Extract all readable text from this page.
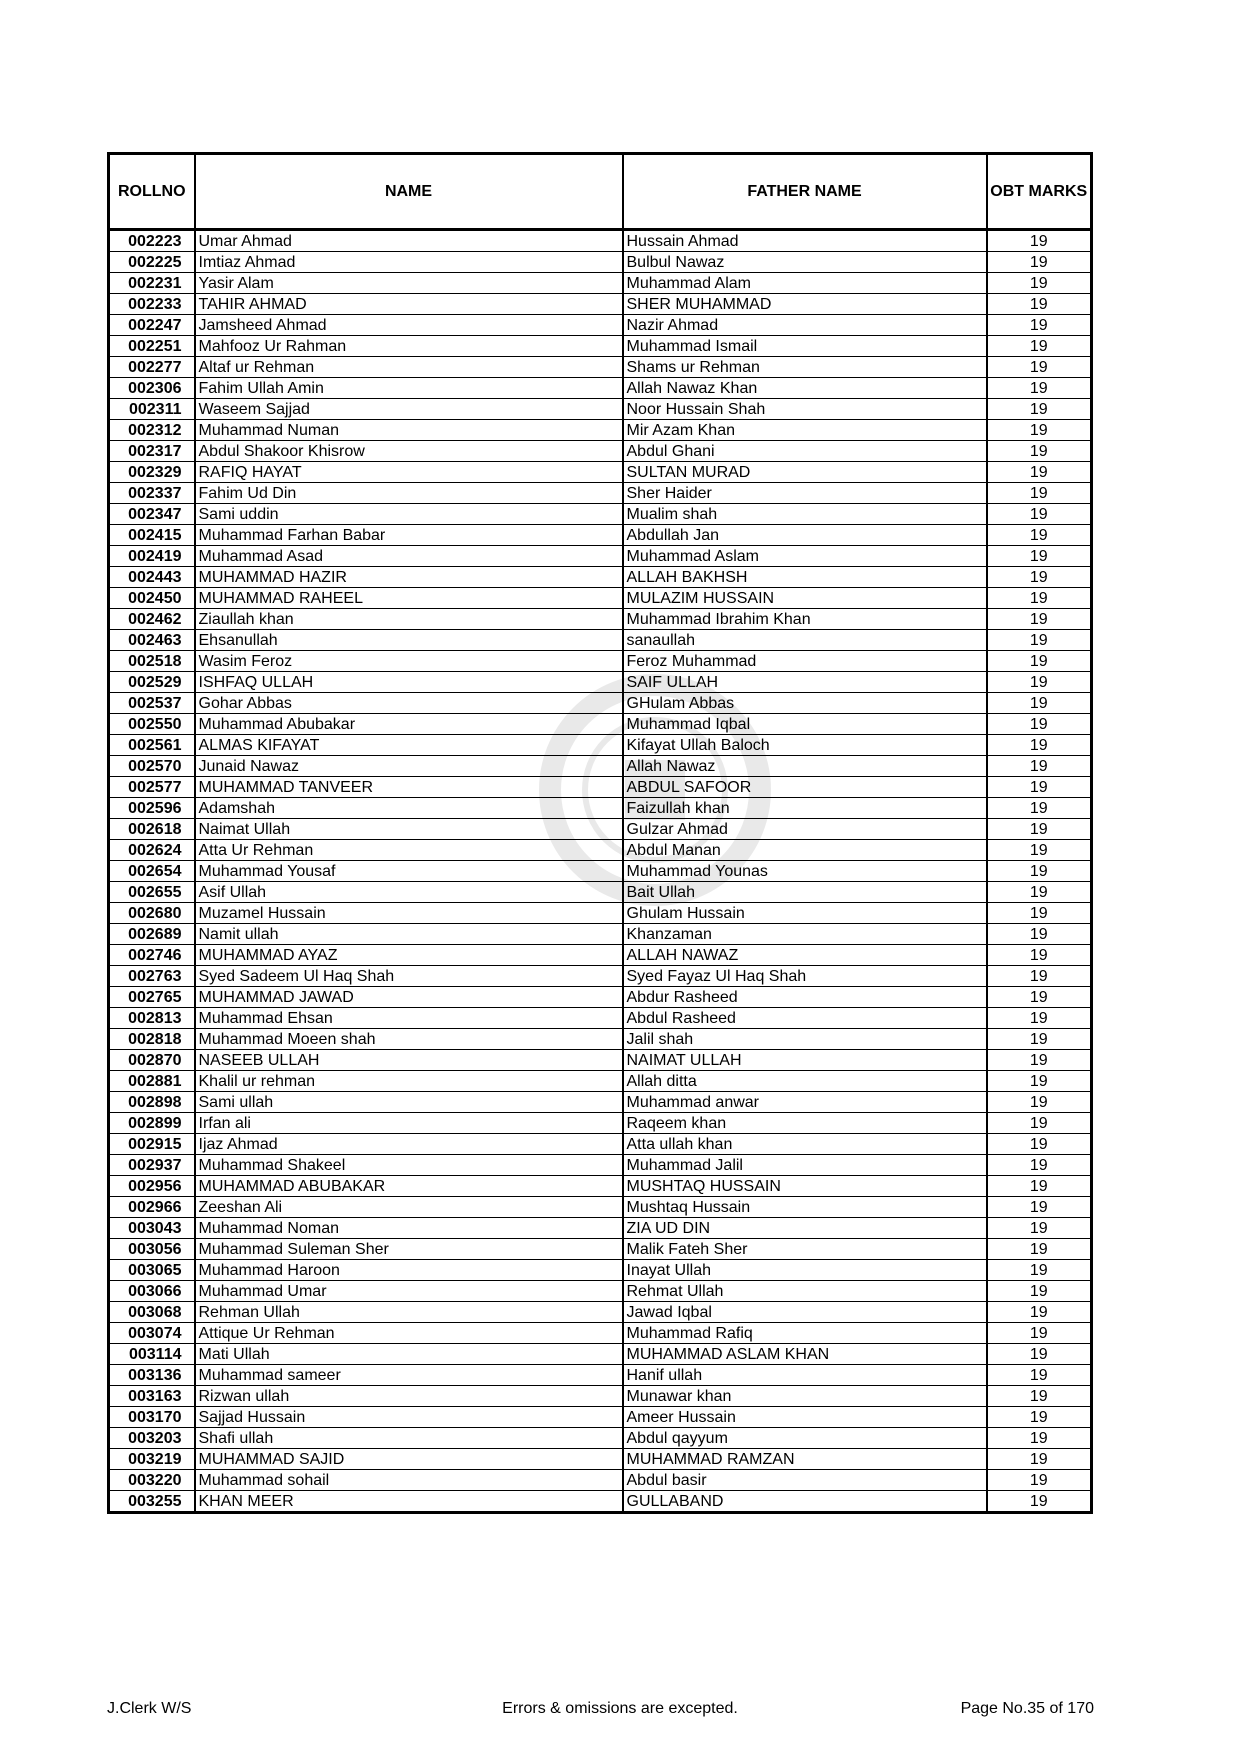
ROLLNO	NAME	FATHER NAME	OBT MARKS
002223	Umar Ahmad	Hussain Ahmad	19
002225	Imtiaz Ahmad	Bulbul Nawaz	19
002231	Yasir Alam	Muhammad Alam	19
002233	TAHIR AHMAD	SHER MUHAMMAD	19
002247	Jamsheed Ahmad	Nazir Ahmad	19
002251	Mahfooz Ur Rahman	Muhammad Ismail	19
002277	Altaf ur Rehman	Shams ur Rehman	19
002306	Fahim Ullah Amin	Allah Nawaz Khan	19
002311	Waseem Sajjad	Noor Hussain Shah	19
002312	Muhammad Numan	Mir Azam Khan	19
002317	Abdul Shakoor Khisrow	Abdul Ghani	19
002329	RAFIQ HAYAT	SULTAN MURAD	19
002337	Fahim Ud Din	Sher Haider	19
002347	Sami uddin	Mualim shah	19
002415	Muhammad Farhan Babar	Abdullah Jan	19
002419	Muhammad Asad	Muhammad Aslam	19
002443	MUHAMMAD HAZIR	ALLAH BAKHSH	19
002450	MUHAMMAD RAHEEL	MULAZIM HUSSAIN	19
002462	Ziaullah khan	Muhammad Ibrahim Khan	19
002463	Ehsanullah	sanaullah	19
002518	Wasim Feroz	Feroz Muhammad	19
002529	ISHFAQ ULLAH	SAIF ULLAH	19
002537	Gohar Abbas	GHulam Abbas	19
002550	Muhammad Abubakar	Muhammad Iqbal	19
002561	ALMAS KIFAYAT	Kifayat Ullah Baloch	19
002570	Junaid Nawaz	Allah Nawaz	19
002577	MUHAMMAD TANVEER	ABDUL SAFOOR	19
002596	Adamshah	Faizullah khan	19
002618	Naimat Ullah	Gulzar Ahmad	19
002624	Atta Ur Rehman	Abdul Manan	19
002654	Muhammad Yousaf	Muhammad Younas	19
002655	Asif Ullah	Bait Ullah	19
002680	Muzamel Hussain	Ghulam Hussain	19
002689	Namit ullah	Khanzaman	19
002746	MUHAMMAD AYAZ	ALLAH NAWAZ	19
002763	Syed Sadeem Ul Haq Shah	Syed Fayaz Ul Haq Shah	19
002765	MUHAMMAD JAWAD	Abdur Rasheed	19
002813	Muhammad Ehsan	Abdul Rasheed	19
002818	Muhammad Moeen shah	Jalil shah	19
002870	NASEEB ULLAH	NAIMAT ULLAH	19
002881	Khalil ur rehman	Allah ditta	19
002898	Sami ullah	Muhammad anwar	19
002899	Irfan ali	Raqeem khan	19
002915	Ijaz Ahmad	Atta ullah khan	19
002937	Muhammad Shakeel	Muhammad Jalil	19
002956	MUHAMMAD ABUBAKAR	MUSHTAQ HUSSAIN	19
002966	Zeeshan Ali	Mushtaq Hussain	19
003043	Muhammad Noman	ZIA UD DIN	19
003056	Muhammad Suleman Sher	Malik Fateh Sher	19
003065	Muhammad Haroon	Inayat Ullah	19
003066	Muhammad Umar	Rehmat Ullah	19
003068	Rehman Ullah	Jawad Iqbal	19
003074	Attique Ur Rehman	Muhammad Rafiq	19
003114	Mati Ullah	MUHAMMAD ASLAM KHAN	19
003136	Muhammad sameer	Hanif ullah	19
003163	Rizwan ullah	Munawar khan	19
003170	Sajjad Hussain	Ameer Hussain	19
003203	Shafi ullah	Abdul qayyum	19
003219	MUHAMMAD SAJID	MUHAMMAD RAMZAN	19
003220	Muhammad sohail	Abdul basir	19
003255	KHAN MEER	GULLABAND	19
J.Clerk W/S	Errors & omissions are excepted.	Page No.35 of 170
